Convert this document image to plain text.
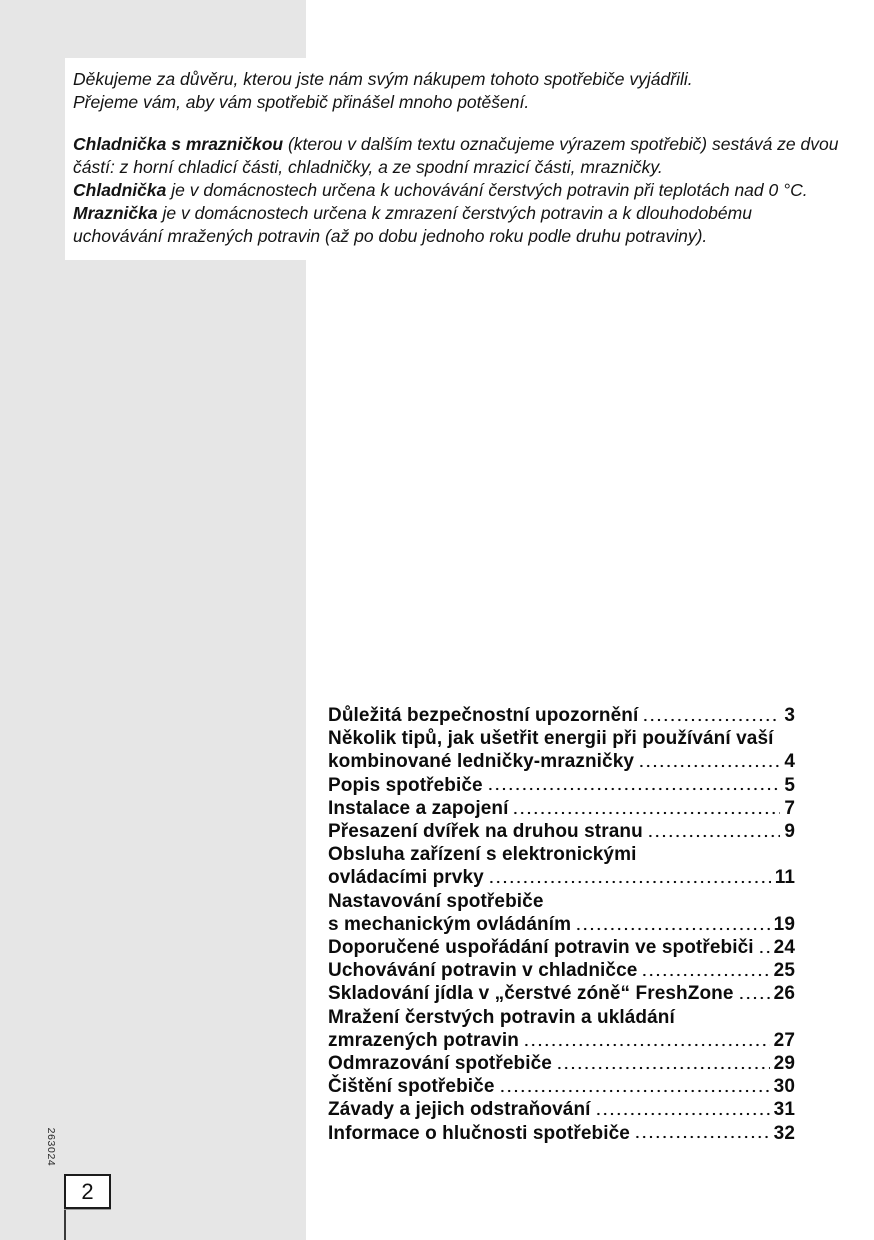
Děkujeme za důvěru, kterou jste nám svým nákupem tohoto spotřebiče vyjádřili.
Přejeme vám, aby vám spotřebič přinášel mnoho potěšení.
Chladnička s mrazničkou (kterou v dalším textu označujeme výrazem spotřebič) sestává ze dvou
částí: z horní chladicí části, chladničky, a ze spodní mrazicí části, mrazničky.
Chladnička je v domácnostech určena k uchovávání čerstvých potravin při teplotách nad 0 °C.
Mraznička je v domácnostech určena k zmrazení čerstvých potravin a k dlouhodobému
uchovávání mražených potravin (až po dobu jednoho roku podle druhu potraviny).
Důležitá bezpečnostní upozornění	3
Několik tipů, jak ušetřit energii při používání vaší
kombinované ledničky-mrazničky	4
Popis spotřebiče	5
Instalace a zapojení	7
Přesazení dvířek na druhou stranu	9
Obsluha zařízení s elektronickými
ovládacími prvky	11
Nastavování spotřebiče
s mechanickým ovládáním	19
Doporučené uspořádání potravin ve spotřebiči 24
Uchovávání potravin v chladničce	25
Skladování jídla v „čerstvé zóně“ FreshZone 26
Mražení čerstvých potravin a ukládání
zmrazených potravin	27
Odmrazování spotřebiče	29
Čištění spotřebiče	30
Závady a jejich odstraňování	31
Informace o hlučnosti spotřebiče	32
263024
2
